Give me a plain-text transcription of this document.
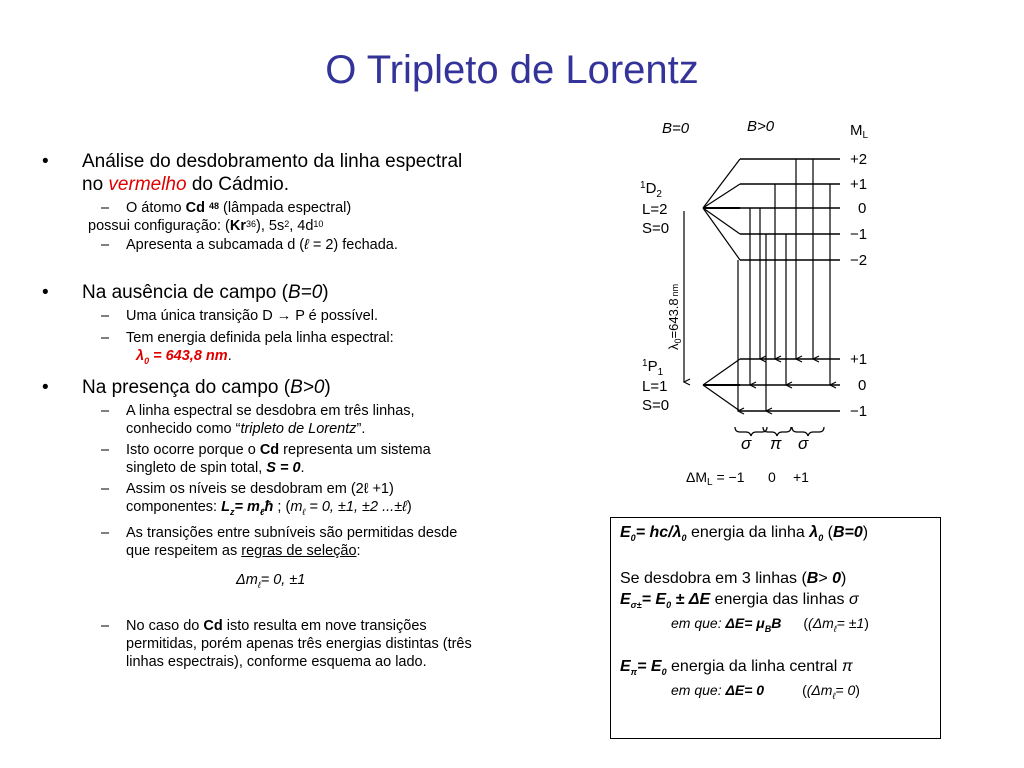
O Tripleto de Lorentz
• Análise do desdobramento da linha espectral no vermelho do Cádmio.
– O átomo Cd $^{48}$ (lâmpada espectral)
possui configuração: (Kr$^{36}$), $5s^2$, $4d^{10}$
– Apresenta a subcamada d (ℓ = 2) fechada.
• Na ausência de campo (B=0)
– Uma única transição D → P é possível.
– Tem energia definida pela linha espectral:
$\lambda_0 = 643,8$ nm.
• Na presença do campo (B>0)
– A linha espectral se desdobra em três linhas, conhecido como “tripleto de Lorentz”.
– Isto ocorre porque o Cd representa um sistema singleto de spin total, S = 0.
– Assim os níveis se desdobram em (2ℓ +1) componentes: $L_z=$ $m_\ell ħ$ ; ($m_\ell = 0$, ±1, ±2 ...±ℓ)
– As transições entre subníveis são permitidas desde que respeitem as regras de seleção:
$\Delta m_\ell= 0$, ±1
– No caso do Cd isto resulta em nove transições permitidas, porém apenas três energias distintas (três linhas espectrais), conforme esquema ao lado.
B=0	B>0	$M_L$
$^1D_2$
L=2
S=0
$^1P_1$
L=1
S=0
+2
+1
0
−1
−2
+1
0
−1
$\lambda_0=643.8nm$
σ π σ
$\Delta M_L = -1$ 0 +1
$E_0= hc/\lambda_0$ energia da linha $\lambda_0$ (B=0)
Se desdobra em 3 linhas (B> 0)
$E_{\sigma\pm}= E_0 \pm \Delta E$ energia das linhas σ
em que: $\Delta E= \mu_BB$ ($(\Delta m_\ell= \pm 1)$
$E_\pi= E_0$ energia da linha central π
em que: ΔE= 0	($(\Delta m_\ell= 0)$
